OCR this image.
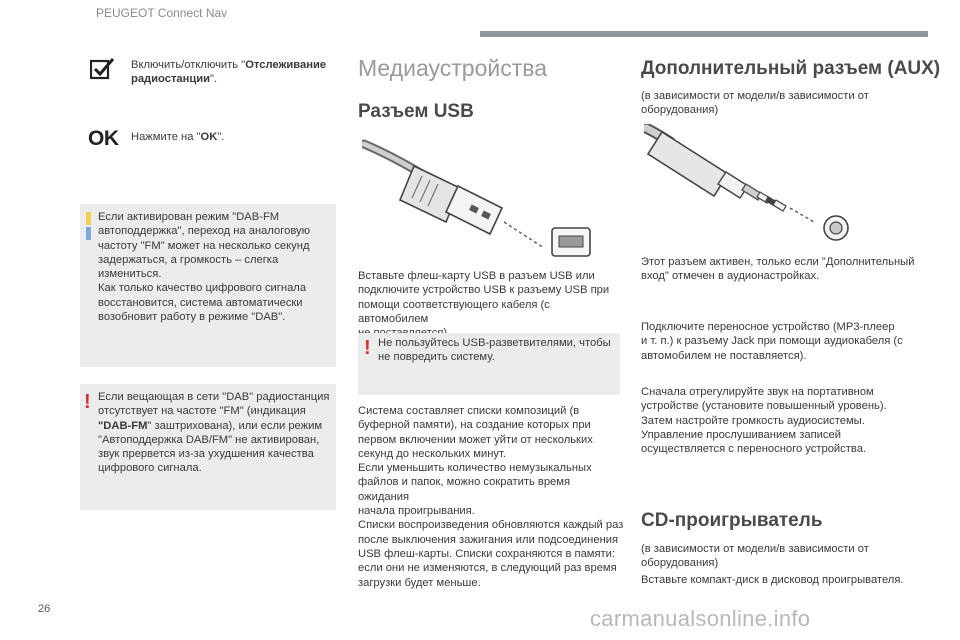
PEUGEOT Connect Nav
Включить/отключить "Отслеживание радиостанции".
OK Нажмите на "OK".
Если активирован режим "DAB-FM
автоподдержка", переход на аналоговую
частоту "FM" может на несколько секунд
задержаться, а громкость – слегка
измениться.
Как только качество цифрового сигнала
восстановится, система автоматически
возобновит работу в режиме "DAB".
! Если вещающая в сети "DAB" радиостанция
отсутствует на частоте "FM" (индикация
"DAB-FM" заштрихована), или если режим
"Автоподдержка DAB/FM" не активирован,
звук прервется из-за ухудшения качества
цифрового сигнала.
Медиаустройства
Разъем USB
Вставьте флеш-карту USB в разъем USB или
подключите устройство USB к разъему USB при
помощи соответствующего кабеля (с автомобилем
! Не пользуйтесь USB-разветвителями, чтобы
не повредить систему.
Система составляет списки композиций (в
буферной памяти), на создание которых при
первом включении может уйти от нескольких
секунд до нескольких минут.
Если уменьшить количество немузыкальных
файлов и папок, можно сократить время ожидания
начала проигрывания.
Списки воспроизведения обновляются каждый раз
после выключения зажигания или подсоединения
USB флеш-карты. Списки сохраняются в памяти:
если они не изменяются, в следующий раз время
загрузки будет меньше.
Дополнительный разъем (AUX)
(в зависимости от модели/в зависимости от
оборудования)
Этот разъем активен, только если "Дополнительный
вход" отмечен в аудионастройках.
Подключите переносное устройство (MP3-плеер
и т. п.) к разъему Jack при помощи аудиокабеля (с
автомобилем не поставляется).
Сначала отрегулируйте звук на портативном
устройстве (установите повышенный уровень).
Затем настройте громкость аудиосистемы.
Управление прослушиванием записей
осуществляется с переносного устройства.
CD-проигрыватель
(в зависимости от модели/в зависимости от
оборудования)
Вставьте компакт-диск в дисковод проигрывателя.
26	carmanualsonline.info
